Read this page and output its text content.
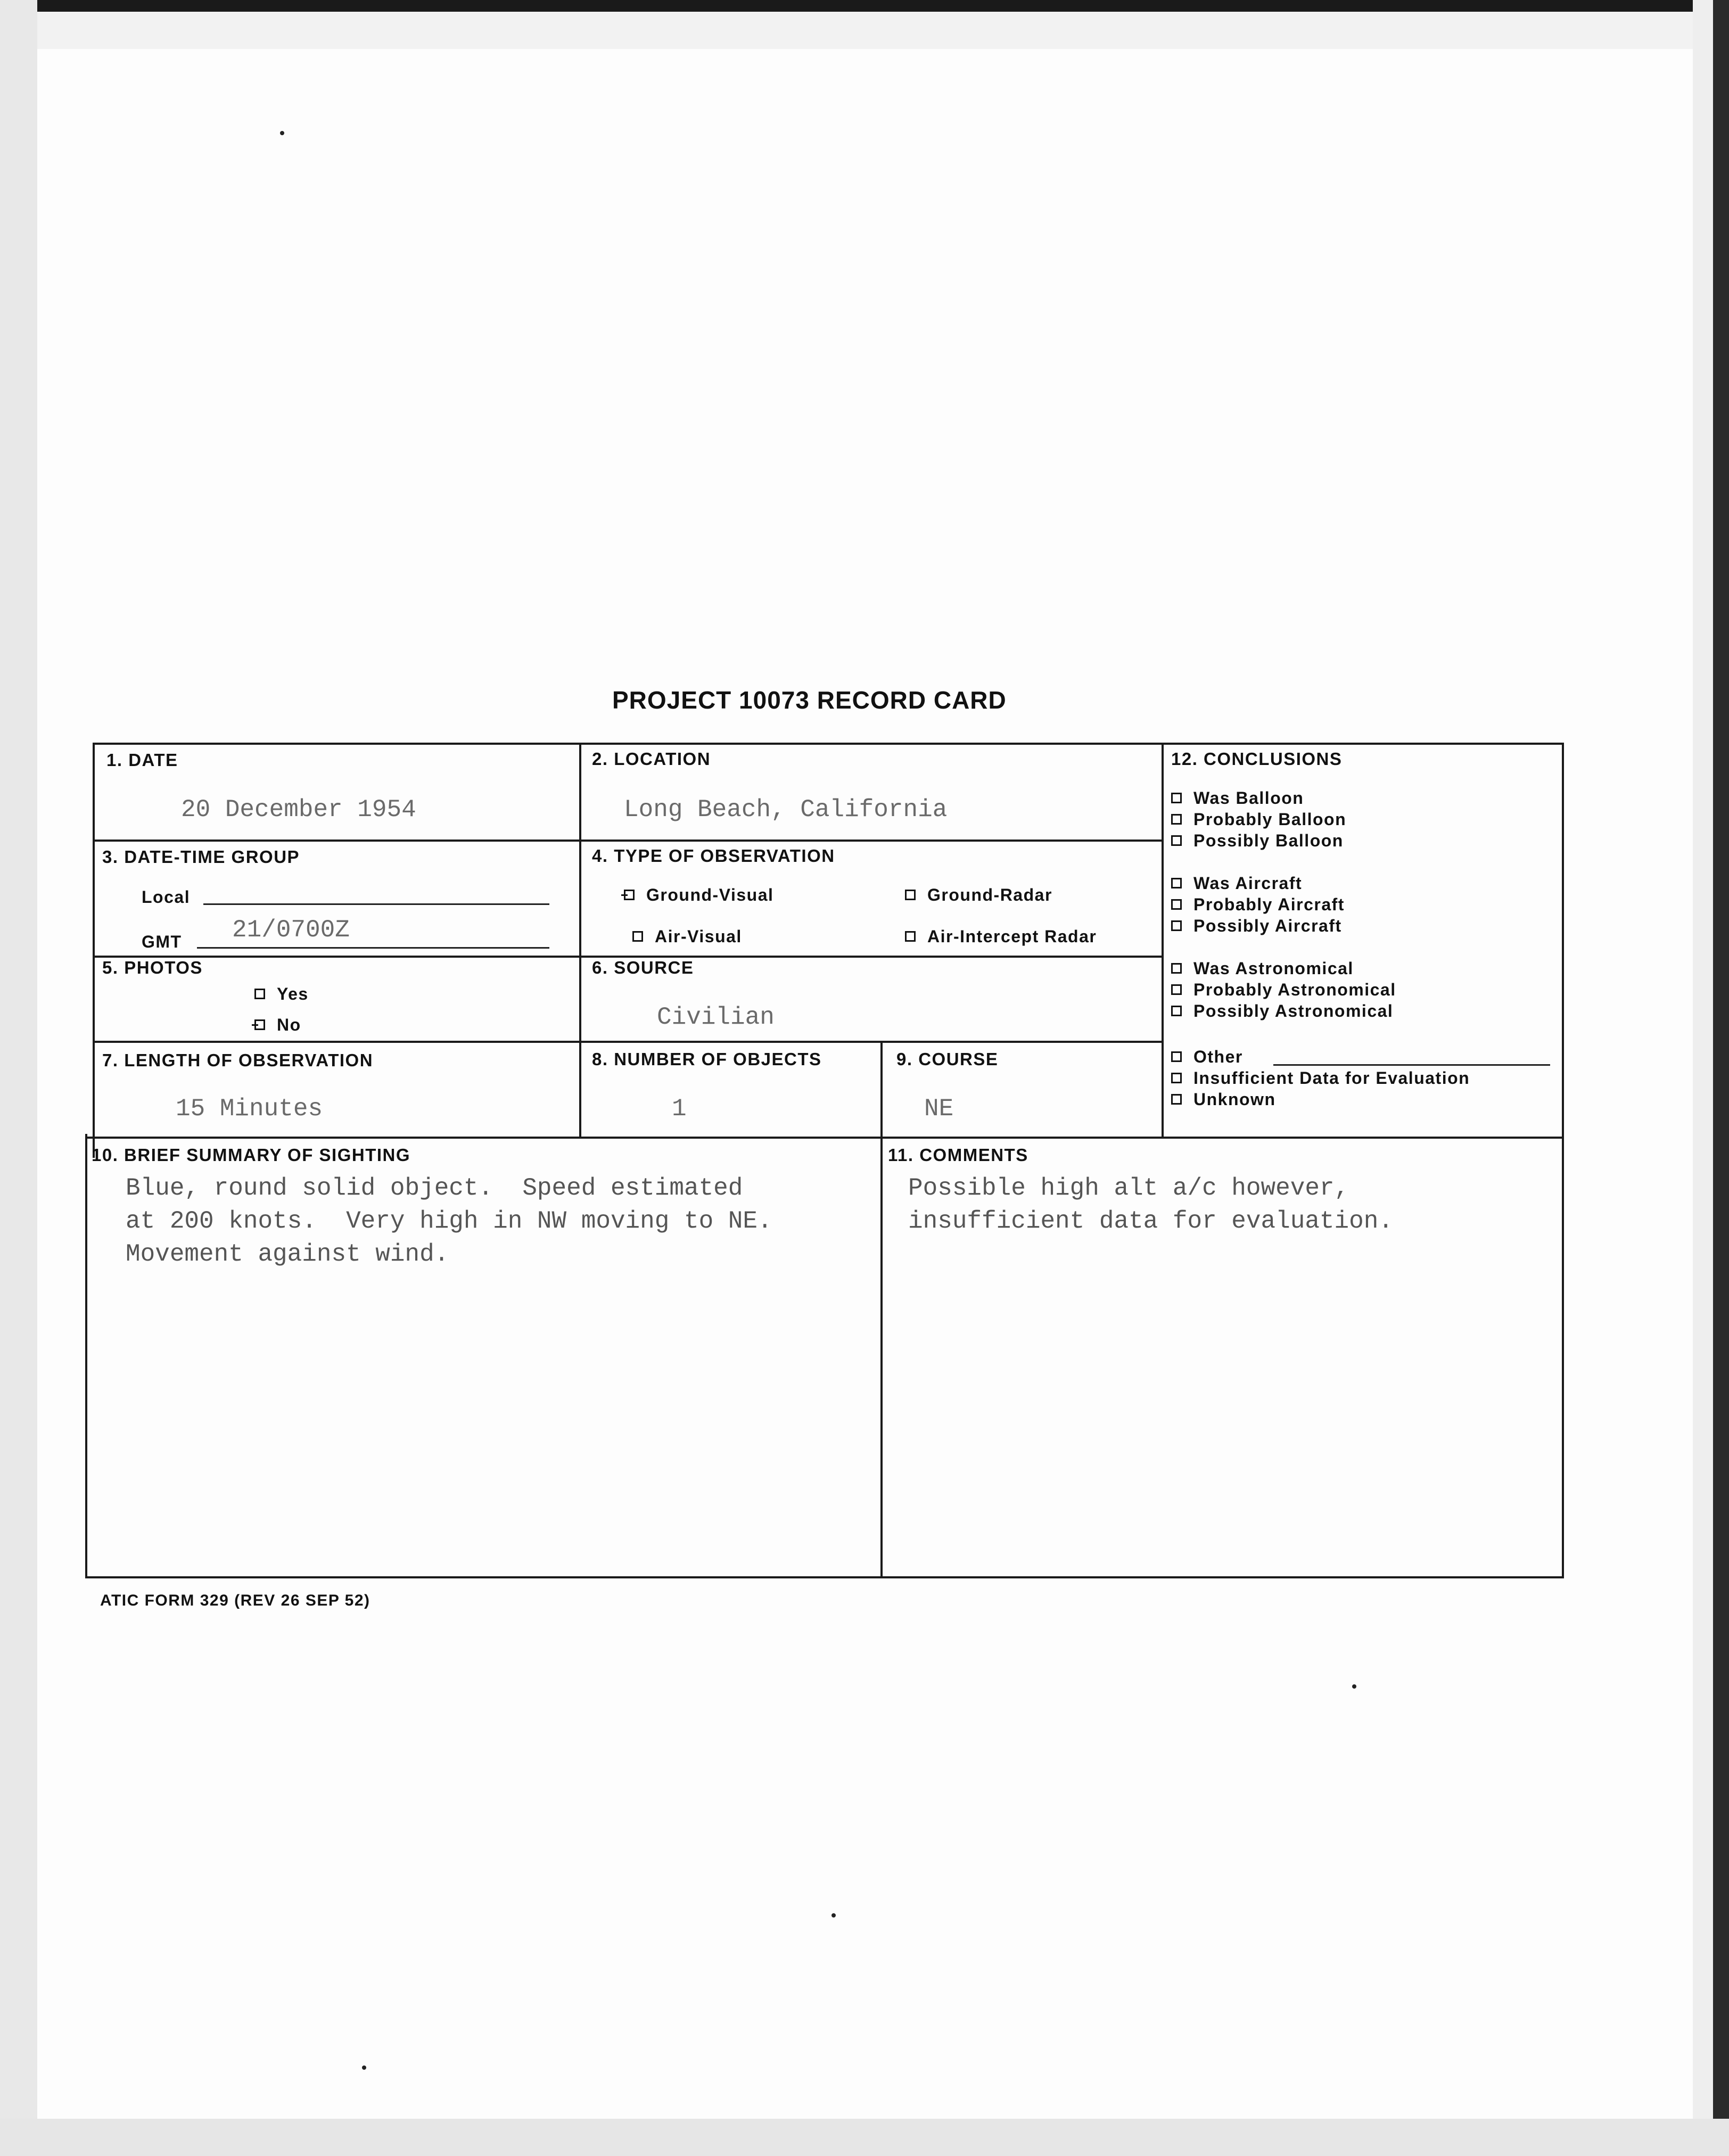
PROJECT 10073 RECORD CARD
1. DATE
20 December 1954
2. LOCATION
Long Beach, California
3. DATE-TIME GROUP
Local
GMT 21/0700Z
4. TYPE OF OBSERVATION
Ground-Visual	Ground-Radar
Air-Visual	Air-Intercept Radar
5. PHOTOS
Yes
No
6. SOURCE
Civilian
7. LENGTH OF OBSERVATION
15 Minutes
8. NUMBER OF OBJECTS
1
9. COURSE
NE
10. BRIEF SUMMARY OF SIGHTING
Blue, round solid object.  Speed estimated
at 200 knots.  Very high in NW moving to NE.
Movement against wind.
11. COMMENTS
Possible high alt a/c however,
insufficient data for evaluation.
12. CONCLUSIONS
Was Balloon
Probably Balloon
Possibly Balloon
Was Aircraft
Probably Aircraft
Possibly Aircraft
Was Astronomical
Probably Astronomical
Possibly Astronomical
Other
Insufficient Data for Evaluation
Unknown
ATIC FORM 329 (REV 26 SEP 52)
